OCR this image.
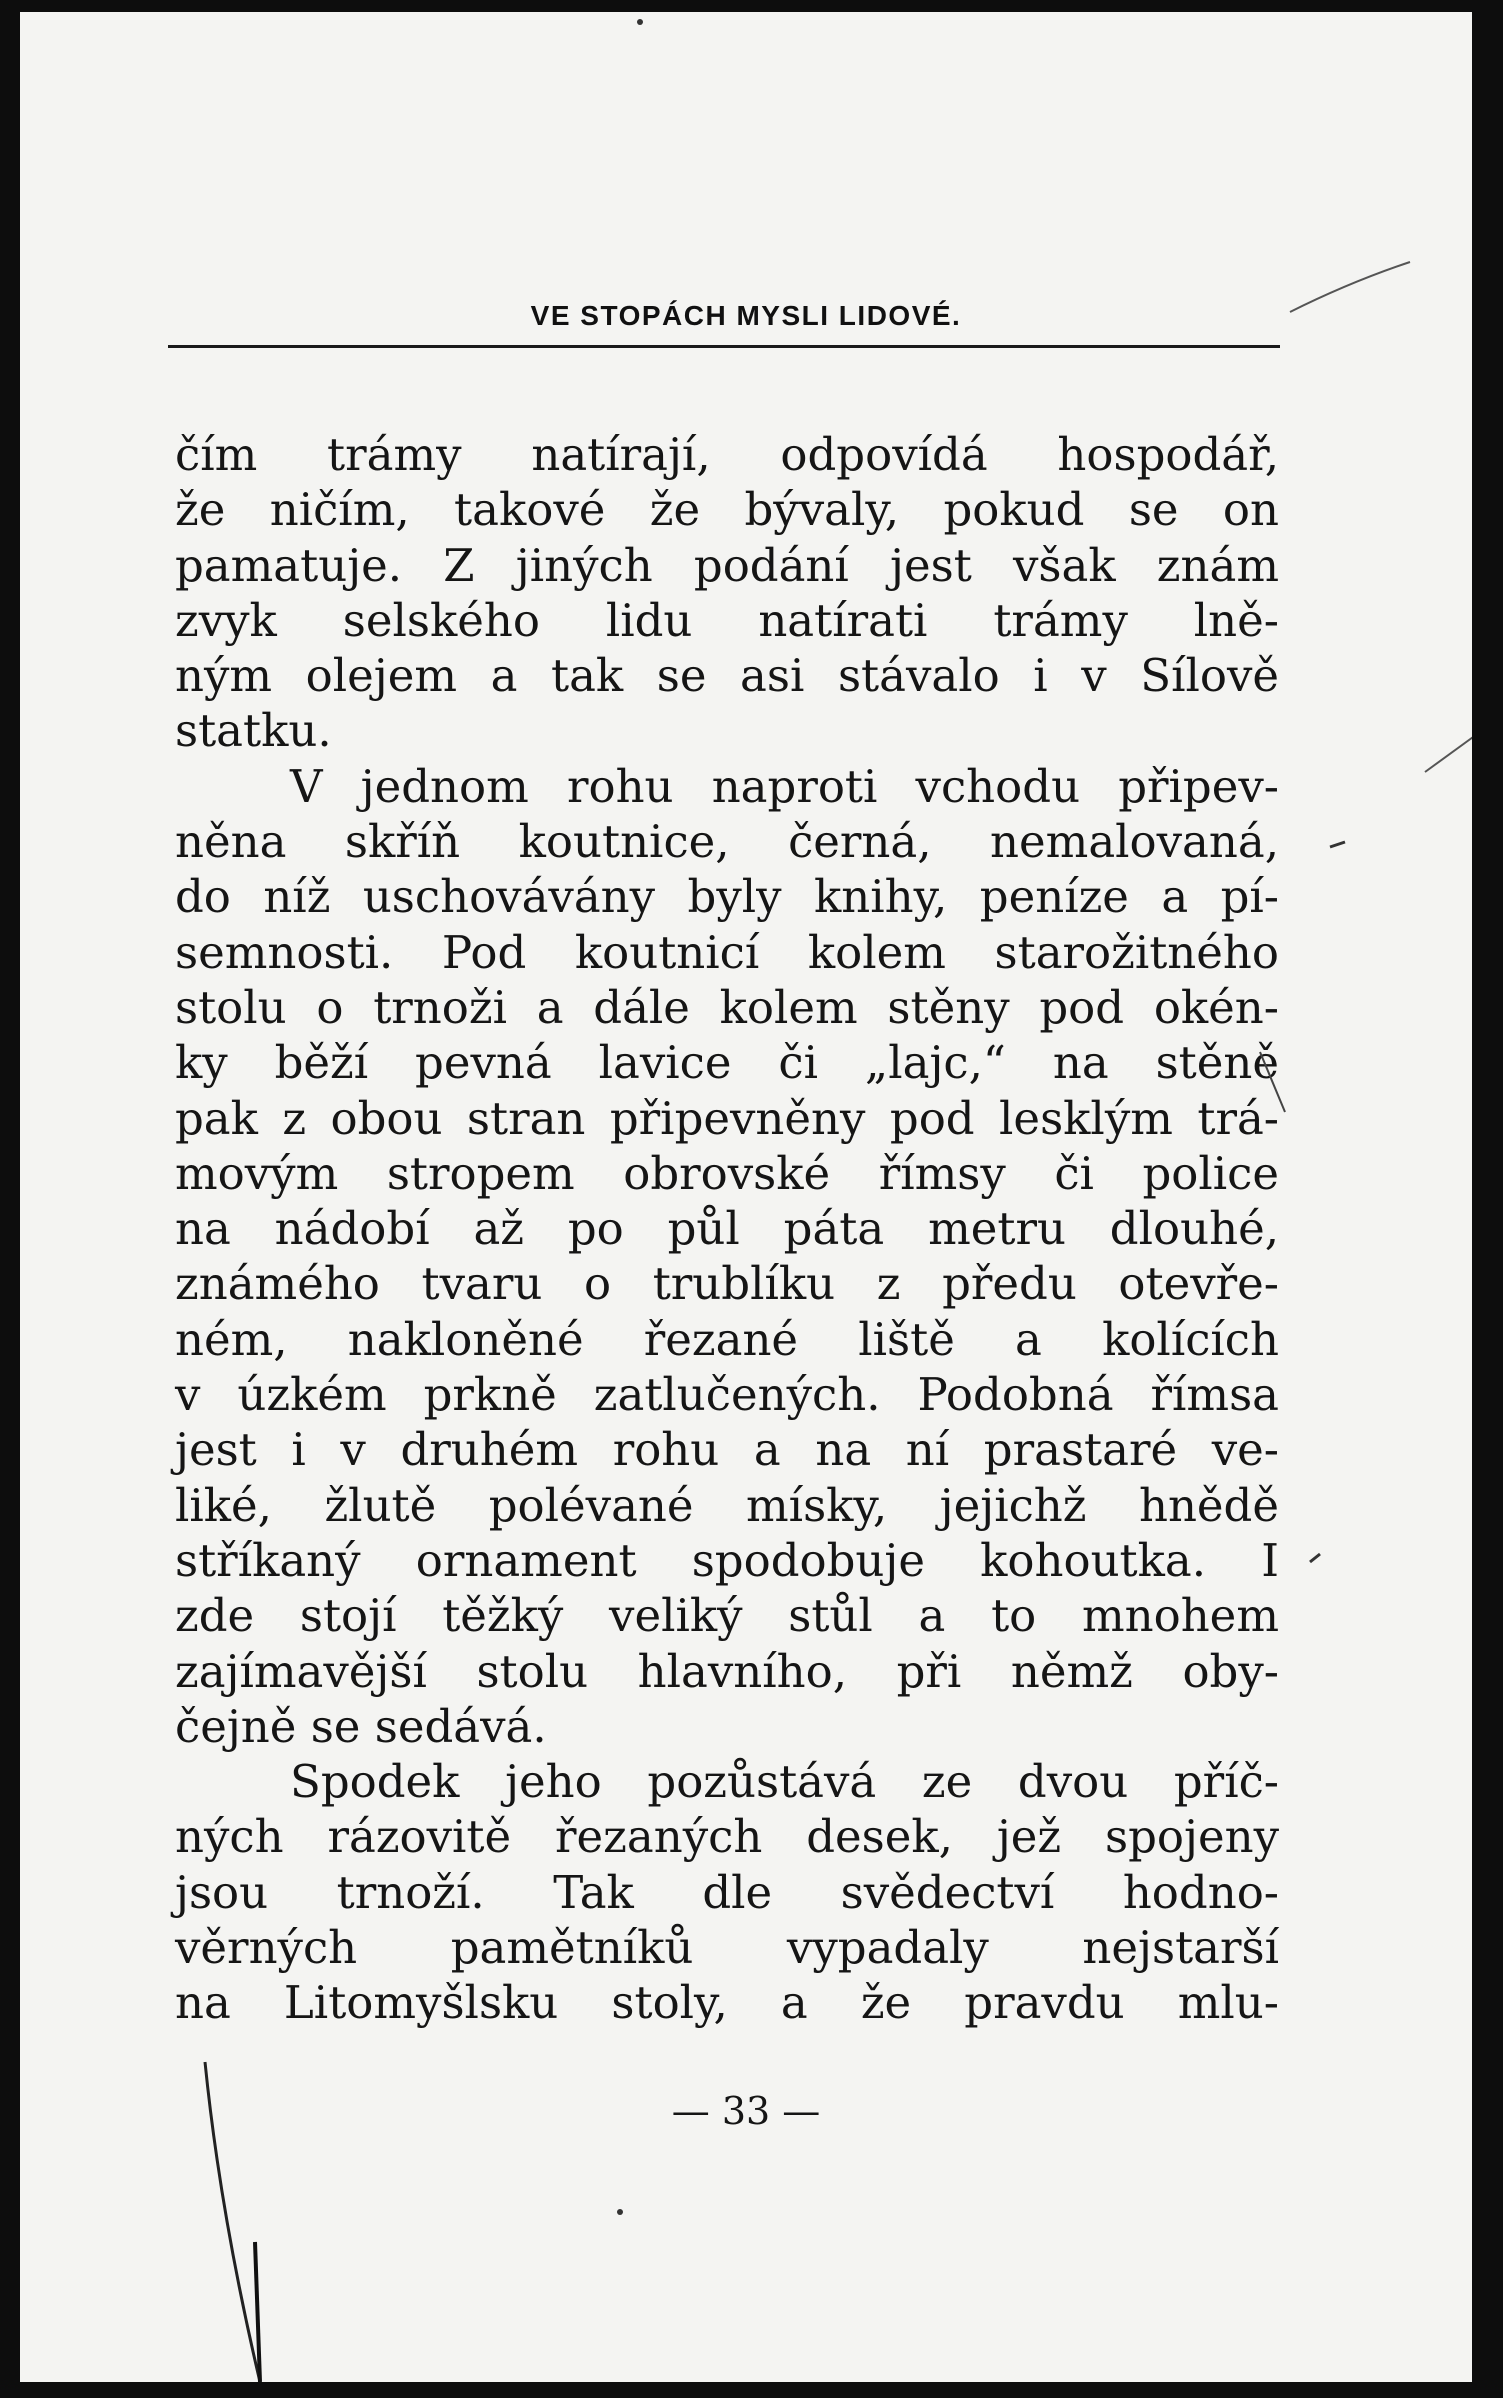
VE STOPÁCH MYSLI LIDOVÉ.
čím trámy natírají, odpovídá hospodář,
že ničím, takové že bývaly, pokud se on
pamatuje. Z jiných podání jest však znám
zvyk selského lidu natírati trámy lně-
ným olejem a tak se asi stávalo i v Sílově
statku.
V jednom rohu naproti vchodu připev-
něna skříň koutnice, černá, nemalovaná,
do níž uschovávány byly knihy, peníze a pí-
semnosti. Pod koutnicí kolem starožitného
stolu o trnoži a dále kolem stěny pod okén-
ky běží pevná lavice či „lajc,“ na stěně
pak z obou stran připevněny pod lesklým trá-
movým stropem obrovské římsy či police
na nádobí až po půl páta metru dlouhé,
známého tvaru o trublíku z předu otevře-
ném, nakloněné řezané liště a kolících
v úzkém prkně zatlučených. Podobná římsa
jest i v druhém rohu a na ní prastaré ve-
liké, žlutě polévané mísky, jejichž hnědě
stříkaný ornament spodobuje kohoutka. I
zde stojí těžký veliký stůl a to mnohem
zajímavější stolu hlavního, při němž oby-
čejně se sedává.
Spodek jeho pozůstává ze dvou příč-
ných rázovitě řezaných desek, jež spojeny
jsou trnoží. Tak dle svědectví hodno-
věrných pamětníků vypadaly nejstarší
na Litomyšlsku stoly, a že pravdu mlu-
— 33 —
